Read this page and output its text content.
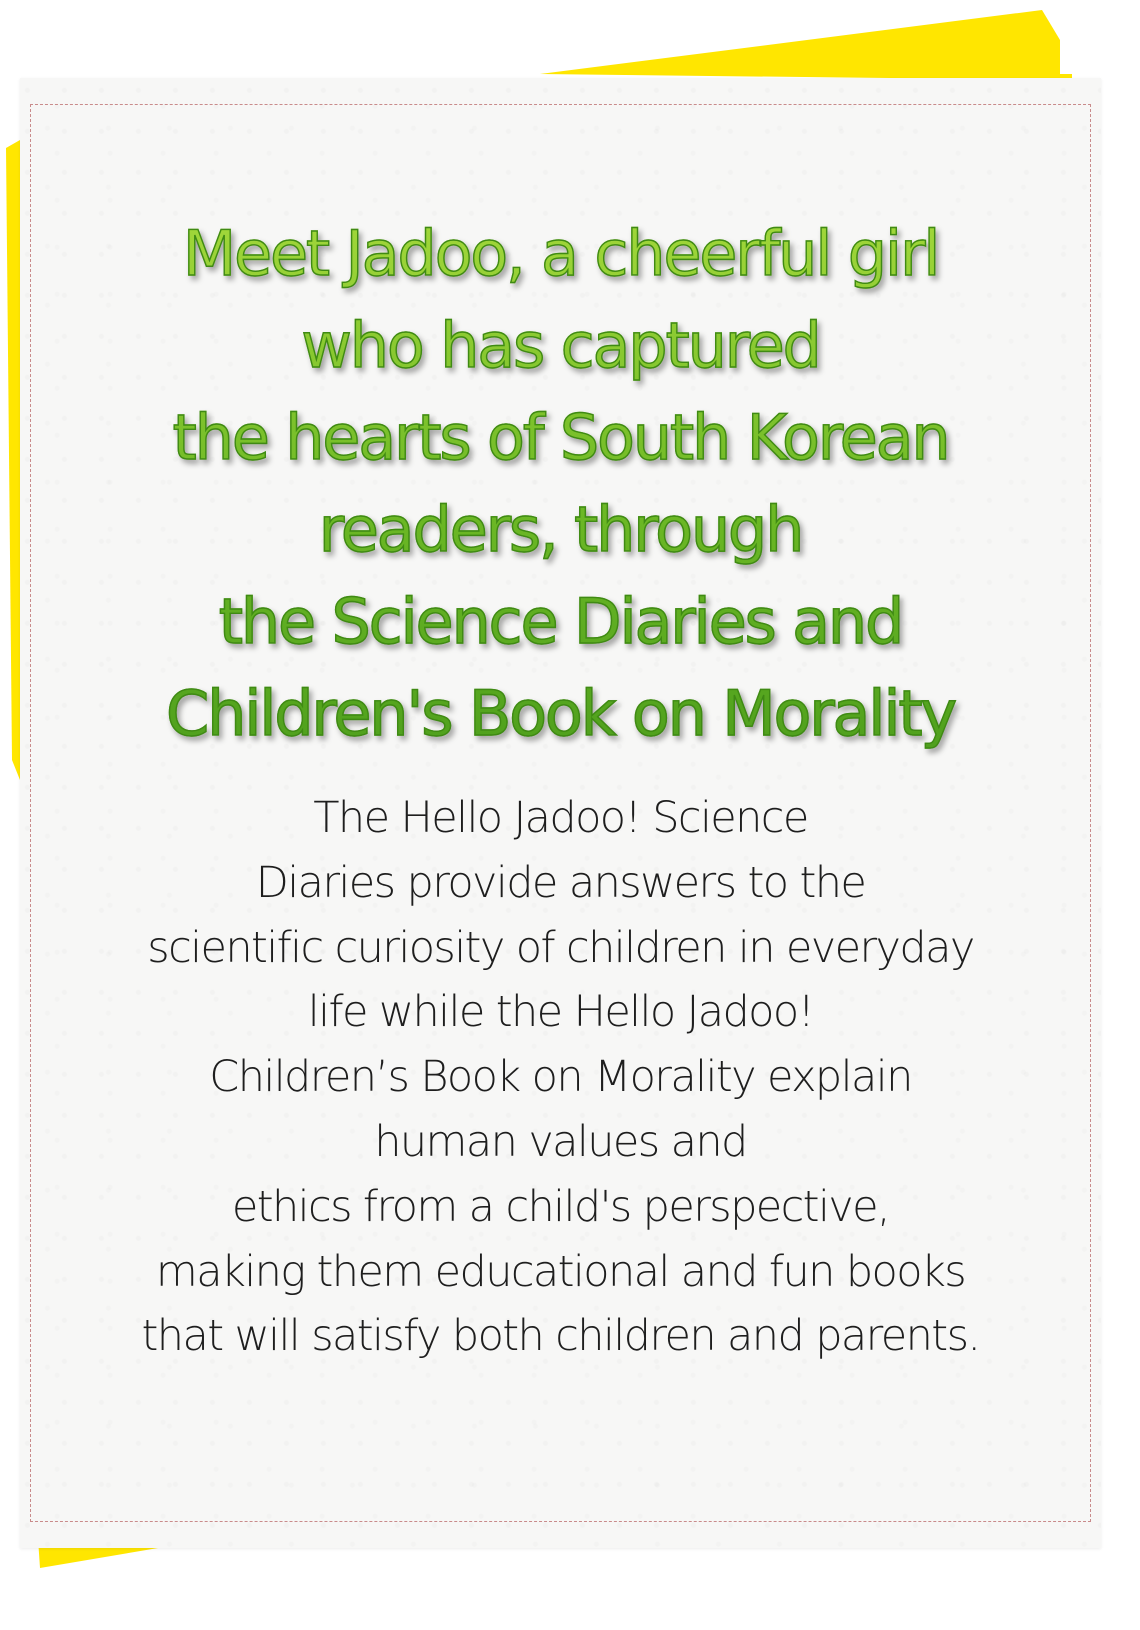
Meet Jadoo, a cheerful girl
who has captured
the hearts of South Korean
readers, through
the Science Diaries and
Children's Book on Morality

The Hello Jadoo! Science
Diaries provide answers to the
scientific curiosity of children in everyday
life while the Hello Jadoo!
Children’s Book on Morality explain
human values and
ethics from a child's perspective,
making them educational and fun books
that will satisfy both children and parents.
